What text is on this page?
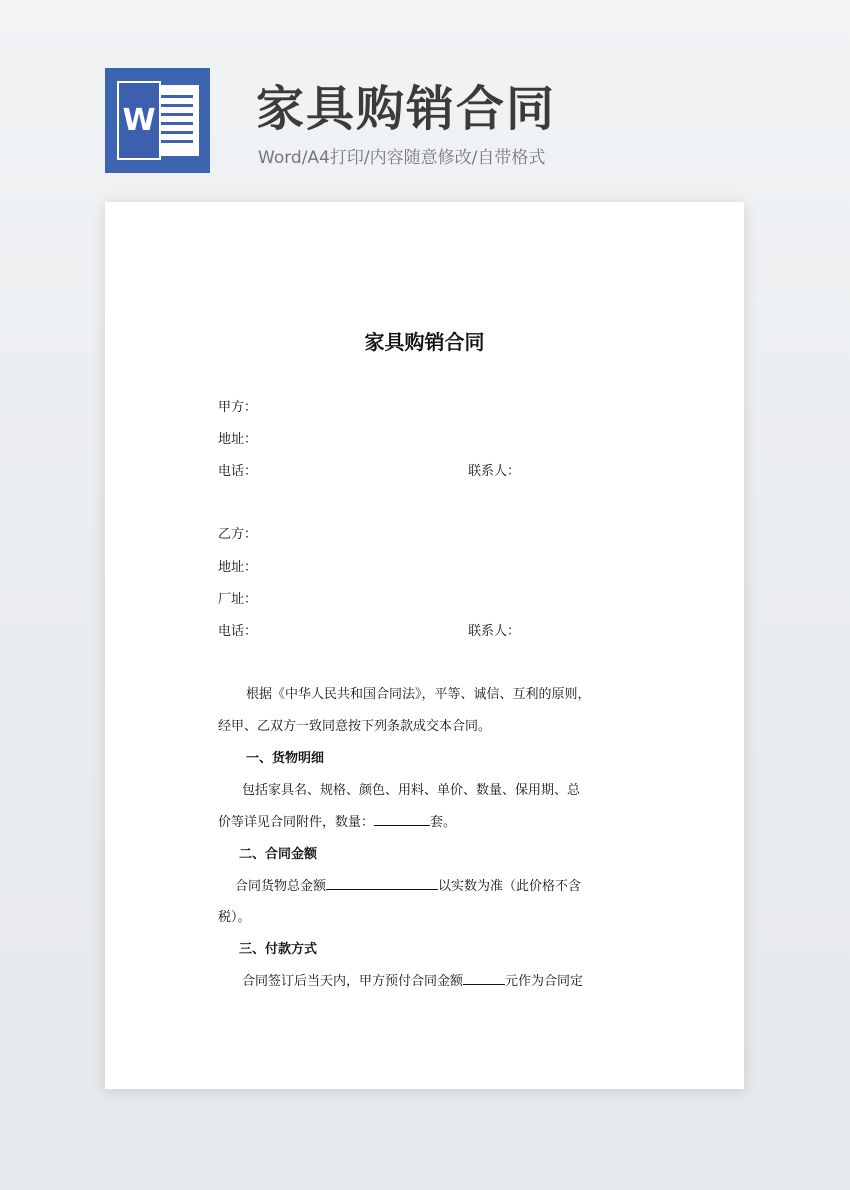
W 家具购销合同
Word/A4打印/内容随意修改/自带格式
家具购销合同
甲方：
地址：
电话：	联系人：
乙方：
地址：
厂址：
电话：	联系人：
根据《中华人民共和国合同法》，平等、诚信、互利的原则，
经甲、乙双方一致同意按下列条款成交本合同。
一、货物明细
包括家具名、规格、颜色、用料、单价、数量、保用期、总
价等详见合同附件，数量：	套。
二、合同金额
合同货物总金额	以实数为准（此价格不含
税）。
三、付款方式
合同签订后当天内，甲方预付合同金额	元作为合同定
